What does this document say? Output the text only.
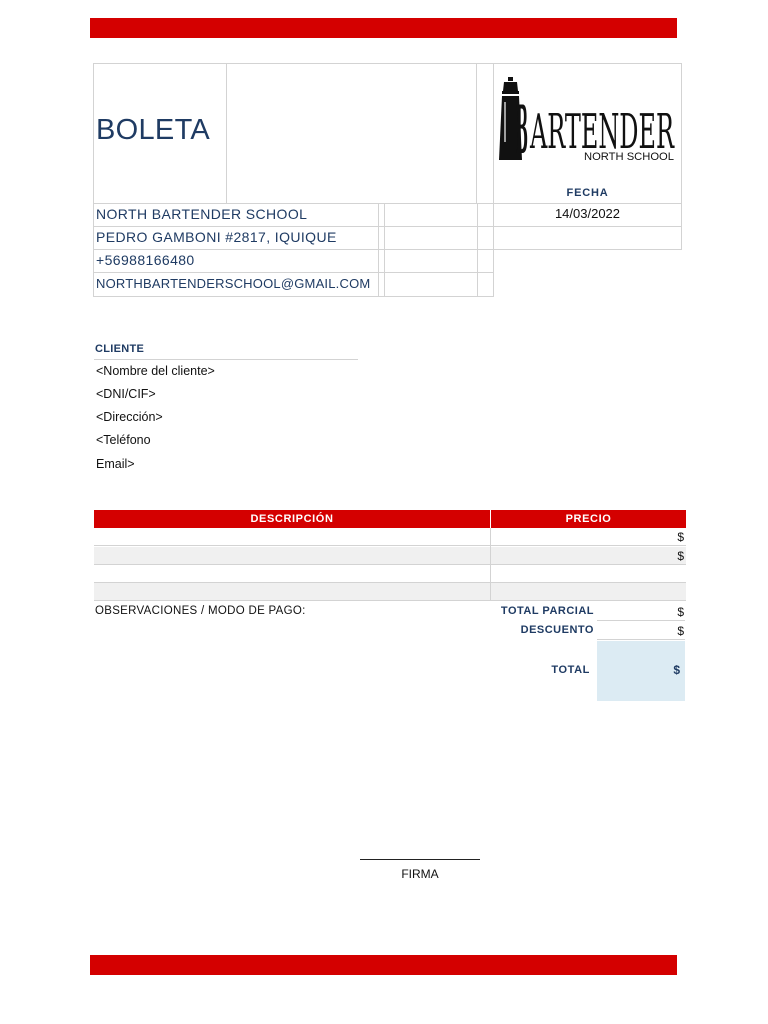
BOLETA
NORTH BARTENDER SCHOOL
PEDRO GAMBONI #2817, IQUIQUE
+56988166480
NORTHBARTENDERSCHOOL@GMAIL.COM
B ARTENDER
NORTH SCHOOL
FECHA
14/03/2022
CLIENTE
<Nombre del cliente>
<DNI/CIF>
<Dirección>
<Teléfono
Email>
DESCRIPCIÓN	PRECIO
$
$
OBSERVACIONES / MODO DE PAGO:	TOTAL PARCIAL	$
DESCUENTO	$
TOTAL	$
FIRMA
